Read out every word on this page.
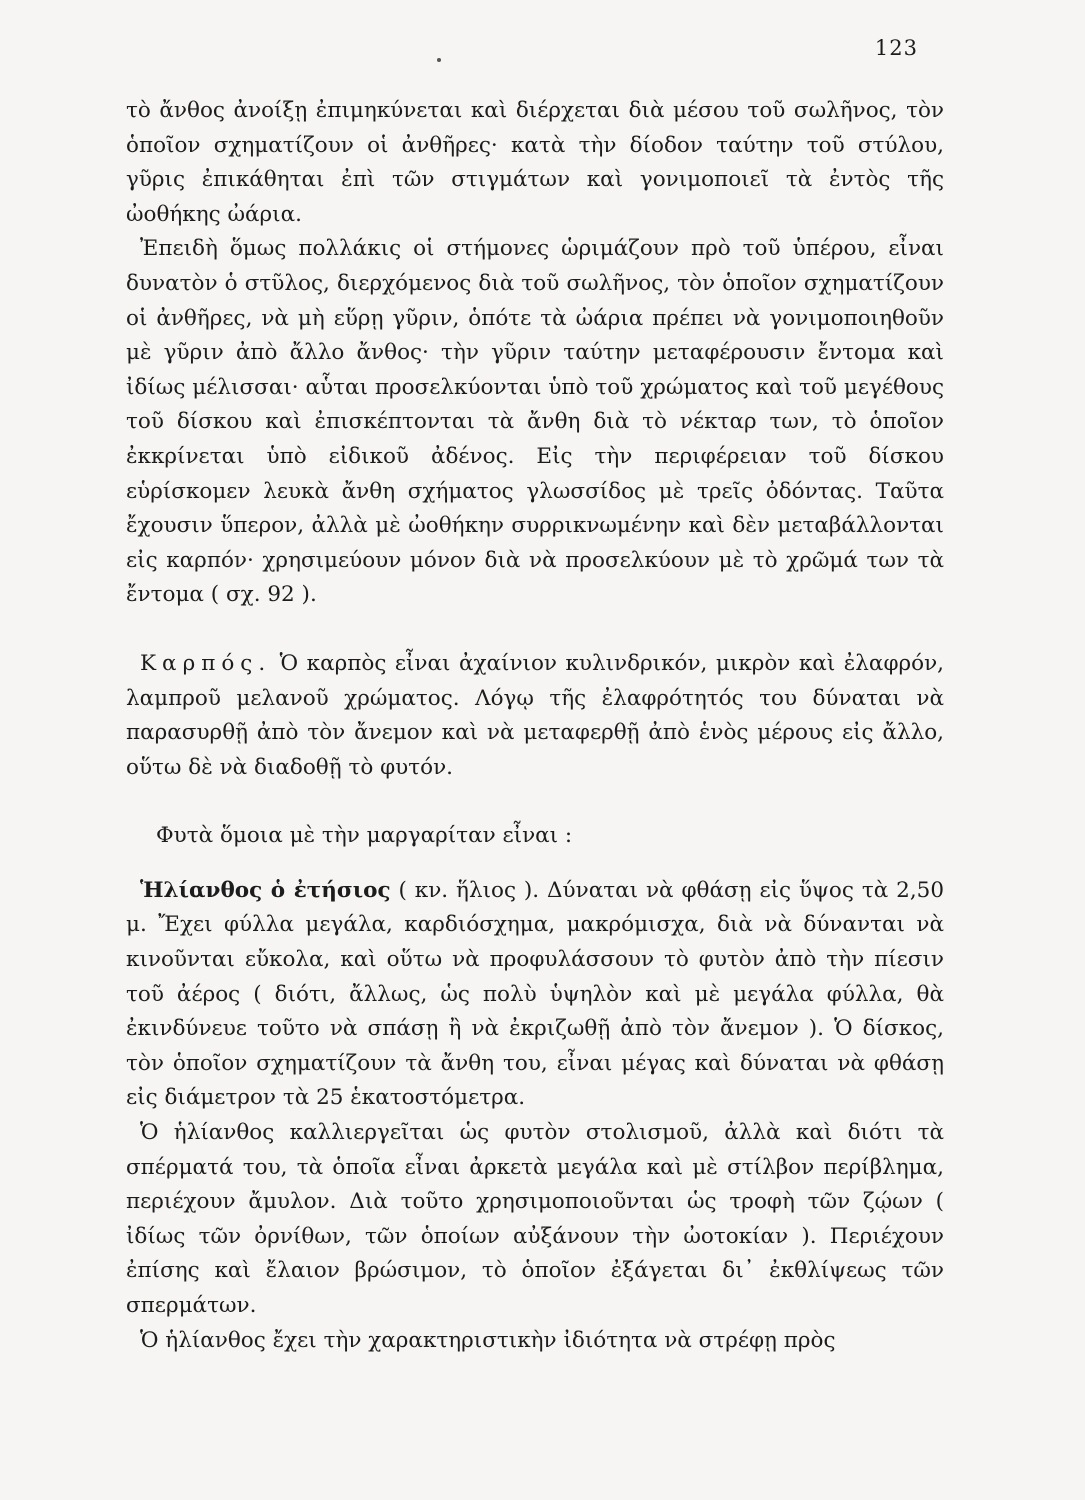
123

τὸ ἄνθος ἀνοίξῃ ἐπιμηκύνεται καὶ διέρχεται διὰ μέσου τοῦ σωλῆνος, τὸν ὁποῖον σχηματίζουν οἱ ἀνθῆρες· κατὰ τὴν δίοδον ταύτην τοῦ στύλου, γῦρις ἐπικάθηται ἐπὶ τῶν στιγμάτων καὶ γονιμοποιεῖ τὰ ἐντὸς τῆς ὠοθήκης ὠάρια.

Ἐπειδὴ ὅμως πολλάκις οἱ στήμονες ὡριμάζουν πρὸ τοῦ ὑπέρου, εἶναι δυνατὸν ὁ στῦλος, διερχόμενος διὰ τοῦ σωλῆνος, τὸν ὁποῖον σχηματίζουν οἱ ἀνθῆρες, νὰ μὴ εὕρῃ γῦριν, ὁπότε τὰ ὠάρια πρέπει νὰ γονιμοποιηθοῦν μὲ γῦριν ἀπὸ ἄλλο ἄνθος· τὴν γῦριν ταύτην μεταφέρουσιν ἔντομα καὶ ἰδίως μέλισσαι· αὗται προσελκύονται ὑπὸ τοῦ χρώματος καὶ τοῦ μεγέθους τοῦ δίσκου καὶ ἐπισκέπτονται τὰ ἄνθη διὰ τὸ νέκταρ των, τὸ ὁποῖον ἐκκρίνεται ὑπὸ εἰδικοῦ ἀδένος. Εἰς τὴν περιφέρειαν τοῦ δίσκου εὑρίσκομεν λευκὰ ἄνθη σχήματος γλωσσίδος μὲ τρεῖς ὀδόντας. Ταῦτα ἔχουσιν ὕπερον, ἀλλὰ μὲ ὠοθήκην συρρικνωμένην καὶ δὲν μεταβάλλονται εἰς καρπόν· χρησιμεύουν μόνον διὰ νὰ προσελκύουν μὲ τὸ χρῶμά των τὰ ἔντομα ( σχ. 92 ).

Καρπός. Ὁ καρπὸς εἶναι ἀχαίνιον κυλινδρικόν, μικρὸν καὶ ἐλαφρόν, λαμπροῦ μελανοῦ χρώματος. Λόγῳ τῆς ἐλαφρότητός του δύναται νὰ παρασυρθῇ ἀπὸ τὸν ἄνεμον καὶ νὰ μεταφερθῇ ἀπὸ ἑνὸς μέρους εἰς ἄλλο, οὕτω δὲ νὰ διαδοθῇ τὸ φυτόν.

Φυτὰ ὅμοια μὲ τὴν μαργαρίταν εἶναι :

Ἡλίανθος ὁ ἐτήσιος ( κν. ἥλιος ). Δύναται νὰ φθάσῃ εἰς ὕψος τὰ 2,50 μ. Ἔχει φύλλα μεγάλα, καρδιόσχημα, μακρόμισχα, διὰ νὰ δύνανται νὰ κινοῦνται εὔκολα, καὶ οὕτω νὰ προφυλάσσουν τὸ φυτὸν ἀπὸ τὴν πίεσιν τοῦ ἀέρος ( διότι, ἄλλως, ὡς πολὺ ὑψηλὸν καὶ μὲ μεγάλα φύλλα, θὰ ἐκινδύνευε τοῦτο νὰ σπάσῃ ἢ νὰ ἐκριζωθῇ ἀπὸ τὸν ἄνεμον ). Ὁ δίσκος, τὸν ὁποῖον σχηματίζουν τὰ ἄνθη του, εἶναι μέγας καὶ δύναται νὰ φθάσῃ εἰς διάμετρον τὰ 25 ἑκατοστόμετρα.

Ὁ ἡλίανθος καλλιεργεῖται ὡς φυτὸν στολισμοῦ, ἀλλὰ καὶ διότι τὰ σπέρματά του, τὰ ὁποῖα εἶναι ἀρκετὰ μεγάλα καὶ μὲ στίλβον περίβλημα, περιέχουν ἄμυλον. Διὰ τοῦτο χρησιμοποιοῦνται ὡς τροφὴ τῶν ζῴων ( ἰδίως τῶν ὀρνίθων, τῶν ὁποίων αὐξάνουν τὴν ὠοτοκίαν ). Περιέχουν ἐπίσης καὶ ἔλαιον βρώσιμον, τὸ ὁποῖον ἐξάγεται δι᾽ ἐκθλίψεως τῶν σπερμάτων.

Ὁ ἡλίανθος ἔχει τὴν χαρακτηριστικὴν ἰδιότητα νὰ στρέφῃ πρὸς
